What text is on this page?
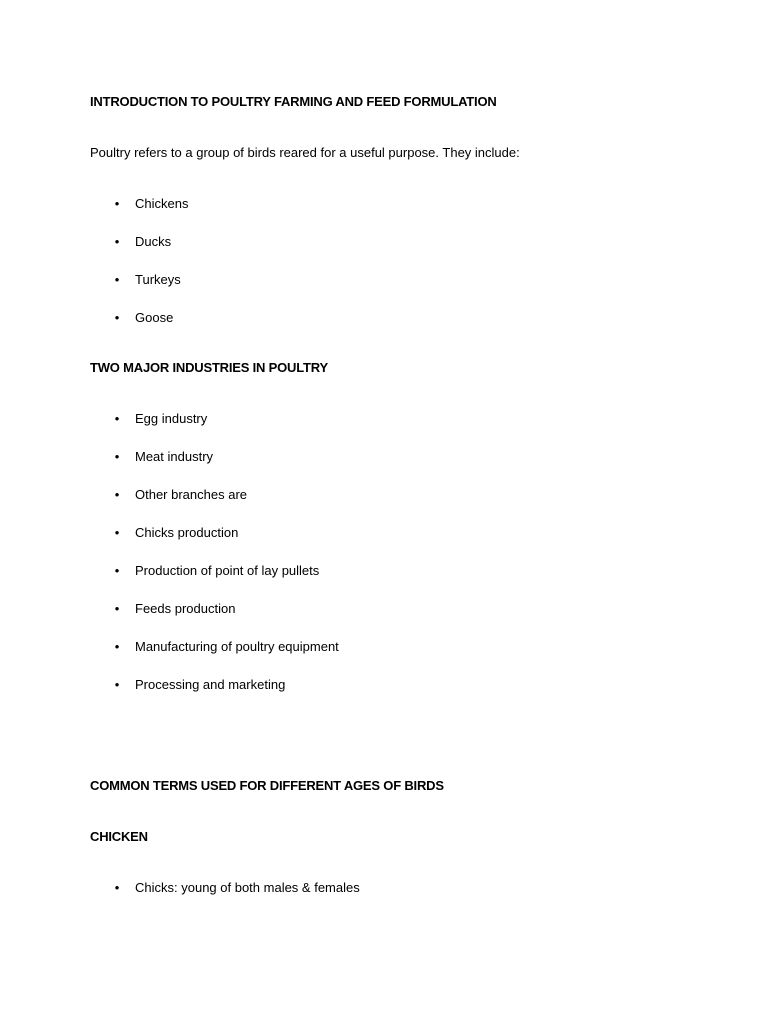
INTRODUCTION TO POULTRY FARMING AND FEED FORMULATION
Poultry refers to a group of birds reared for a useful purpose. They include:
• Chickens
• Ducks
• Turkeys
• Goose
TWO MAJOR INDUSTRIES IN POULTRY
• Egg industry
• Meat industry
• Other branches are
• Chicks production
• Production of point of lay pullets
• Feeds production
• Manufacturing of poultry equipment
• Processing and marketing
COMMON TERMS USED FOR DIFFERENT AGES OF BIRDS
CHICKEN
• Chicks: young of both males & females
